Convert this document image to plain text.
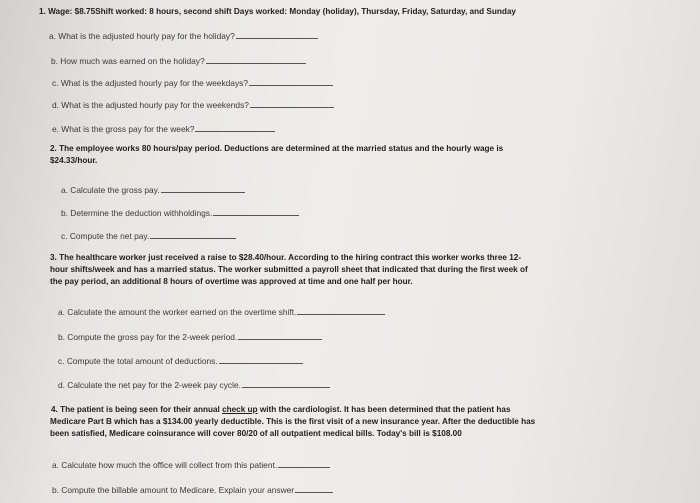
1. Wage: $8.75Shift worked: 8 hours, second shift Days worked: Monday (holiday), Thursday, Friday, Saturday, and Sunday
a. What is the adjusted hourly pay for the holiday?
b. How much was earned on the holiday?
c. What is the adjusted hourly pay for the weekdays?
d. What is the adjusted hourly pay for the weekends?
e. What is the gross pay for the week?
2. The employee works 80 hours/pay period. Deductions are determined at the married status and the hourly wage is
$24.33/hour.
a. Calculate the gross pay.
b. Determine the deduction withholdings.
c. Compute the net pay.
3. The healthcare worker just received a raise to $28.40/hour. According to the hiring contract this worker works three 12-
hour shifts/week and has a married status. The worker submitted a payroll sheet that indicated that during the first week of
the pay period, an additional 8 hours of overtime was approved at time and one half per hour.
a. Calculate the amount the worker earned on the overtime shift.
b. Compute the gross pay for the 2-week period.
c. Compute the total amount of deductions.
d. Calculate the net pay for the 2-week pay cycle.
4. The patient is being seen for their annual check up with the cardiologist. It has been determined that the patient has
Medicare Part B which has a $134.00 yearly deductible. This is the first visit of a new insurance year. After the deductible has
been satisfied, Medicare coinsurance will cover 80/20 of all outpatient medical bills. Today's bill is $108.00
a. Calculate how much the office will collect from this patient.
b. Compute the billable amount to Medicare. Explain your answer
